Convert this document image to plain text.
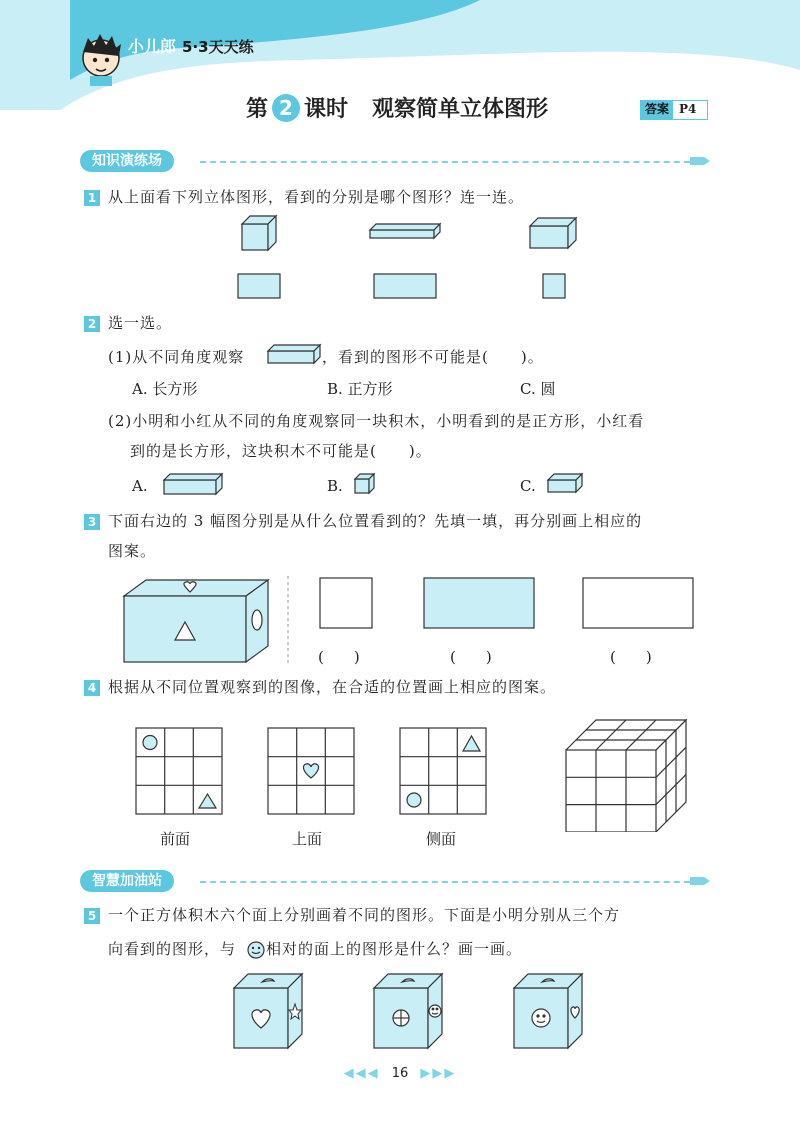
小儿郎 5·3天天练
第 2 课时 观察简单立体图形	答案 P4
知识演练场
1 从上面看下列立体图形，看到的分别是哪个图形？连一连。
2 选一选。
(1)从不同角度观察	，看到的图形不可能是(　　)。
A. 长方形	B. 正方形	C. 圆
(2)小明和小红从不同的角度观察同一块积木，小明看到的是正方形，小红看
到的是长方形，这块积木不可能是(　　)。
A.	B.	C.
3 下面右边的 3 幅图分别是从什么位置看到的？先填一填，再分别画上相应的
图案。
(　　)	(　　)	(　　)
4 根据从不同位置观察到的图像，在合适的位置画上相应的图案。
前面	上面	侧面
智慧加油站
5 一个正方体积木六个面上分别画着不同的图形。下面是小明分别从三个方
向看到的图形，与 相对的面上的图形是什么？画一画。
◀◀◀ 16 ▶▶▶
